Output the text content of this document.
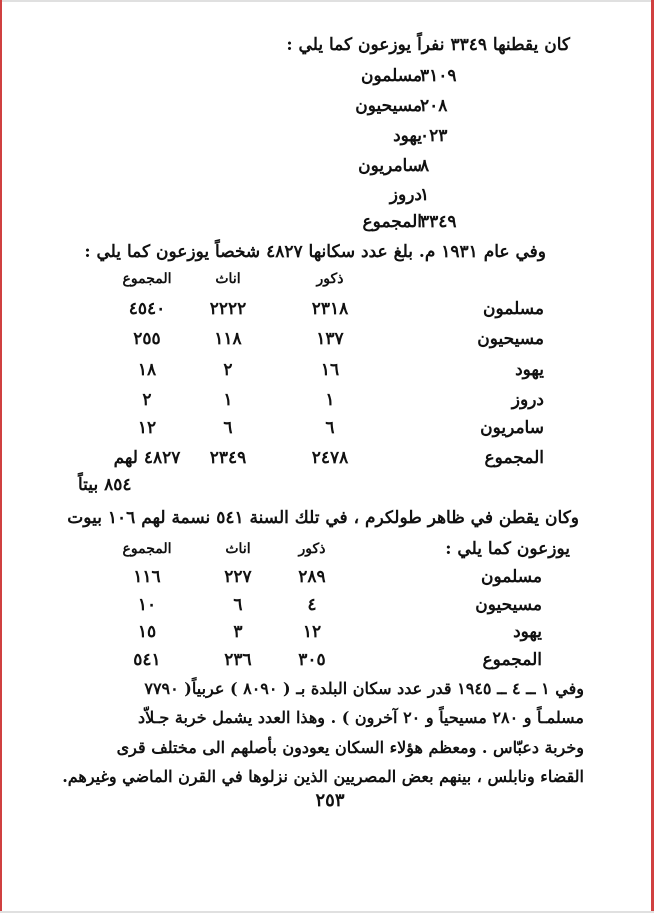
كان يقطنها ٣٣٤٩ نفراً يوزعون كما يلي :
مسلمون
٣١٠٩
مسيحيون
٢٠٨
يهود
٠٢٣
سامريون
٨
دروز
١
المجموع
٣٣٤٩
وفي عام ١٩٣١ م. بلغ عدد سكانها ٤٨٢٧ شخصاً يوزعون كما يلي :
ذكور
اناث
المجموع
مسلمون
٢٣١٨
٢٢٢٢
٤٥٤٠
مسيحيون
١٣٧
١١٨
٢٥٥
يهود
١٦
٢
١٨
دروز
١
١
٢
سامريون
٦
٦
١٢
المجموع
٢٤٧٨
٢٣٤٩
٤٨٢٧ لهم
٨٥٤ بيتاً
وكان يقطن في ظاهر طولكرم ، في تلك السنة ٥٤١ نسمة لهم ١٠٦ بيوت
يوزعون كما يلي :
ذكور
اناث
المجموع
مسلمون
٢٨٩
٢٢٧
١١٦
مسيحيون
٤
٦
١٠
يهود
١٢
٣
١٥
المجموع
٣٠٥
٢٣٦
٥٤١
وفي ١ ــ ٤ ــ ١٩٤٥ قدر عدد سكان البلدة بـ ( ٨٠٩٠ ) عربياً( ٧٧٩٠
مسلمـاً و ٢٨٠ مسيحياً و ٢٠ آخرون ) . وهذا العدد يشمل خربة جـلاّد
وخربة دعبّاس . ومعظم هؤلاء السكان يعودون بأصلهم الى مختلف قرى
القضاء ونابلس ، بينهم بعض المصريين الذين نزلوها في القرن الماضي وغيرهم.
٢٥٣
